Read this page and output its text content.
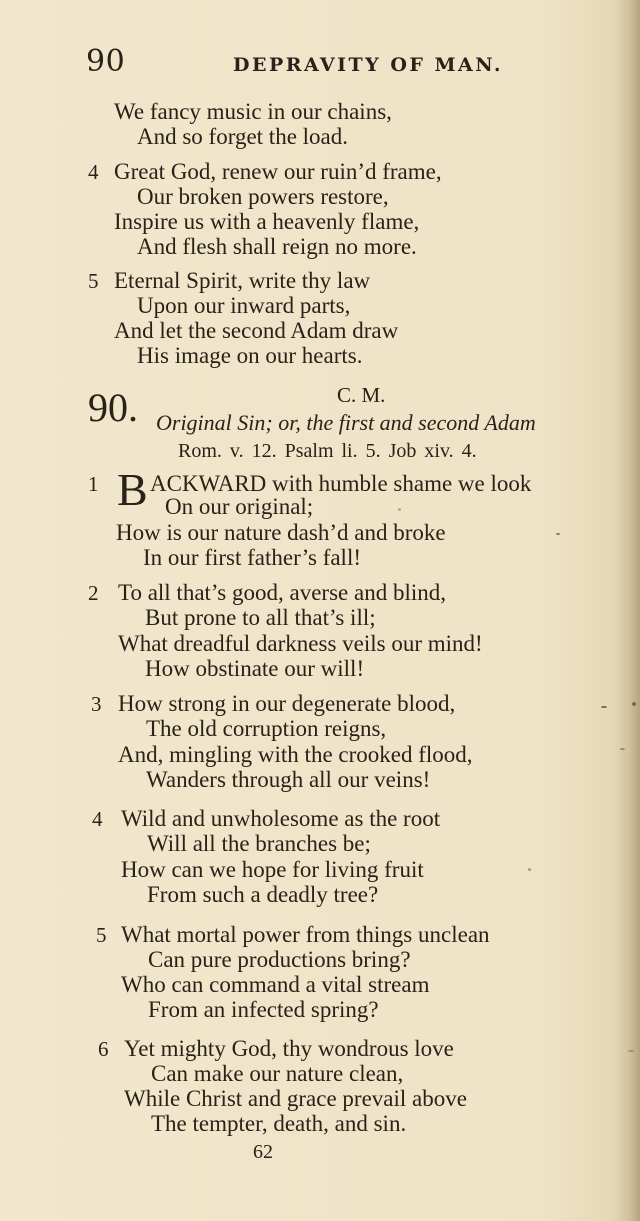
90	DEPRAVITY OF MAN.
We fancy music in our chains,
And so forget the load.
4 Great God, renew our ruin’d frame,
Our broken powers restore,
Inspire us with a heavenly flame,
And flesh shall reign no more.
5 Eternal Spirit, write thy law
Upon our inward parts,
And let the second Adam draw
His image on our hearts.
90.	C. M.
Original Sin; or, the first and second Adam
Rom. v. 12. Psalm li. 5. Job xiv. 4.
1 B ACKWARD with humble shame we look
On our original;
How is our nature dash’d and broke
In our first father’s fall!
2 To all that’s good, averse and blind,
But prone to all that’s ill;
What dreadful darkness veils our mind!
How obstinate our will!
3 How strong in our degenerate blood,
The old corruption reigns,
And, mingling with the crooked flood,
Wanders through all our veins!
4 Wild and unwholesome as the root
Will all the branches be;
How can we hope for living fruit
From such a deadly tree?
5 What mortal power from things unclean
Can pure productions bring?
Who can command a vital stream
From an infected spring?
6 Yet mighty God, thy wondrous love
Can make our nature clean,
While Christ and grace prevail above
The tempter, death, and sin.
62
